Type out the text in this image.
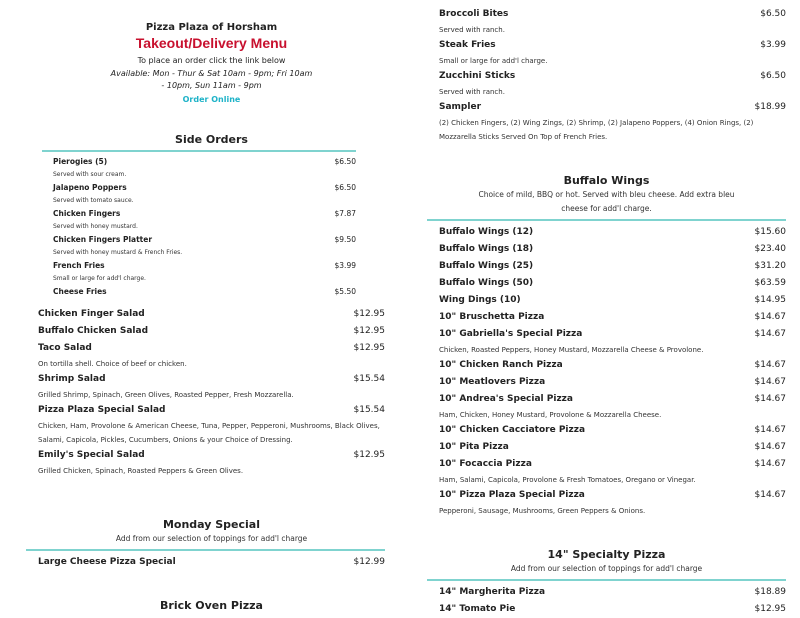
Pizza Plaza of Horsham
Takeout/Delivery Menu
To place an order click the link below
Available: Mon - Thur & Sat 10am - 9pm; Fri 10am - 10pm, Sun 11am - 9pm
Order Online
Side Orders
Pierogies (5)	$6.50
Served with sour cream.
Jalapeno Poppers	$6.50
Served with tomato sauce.
Chicken Fingers	$7.87
Served with honey mustard.
Chicken Fingers Platter	$9.50
Served with honey mustard & French Fries.
French Fries	$3.99
Small or large for add'l charge.
Cheese Fries	$5.50
Chicken Finger Salad	$12.95
Buffalo Chicken Salad	$12.95
Taco Salad	$12.95
On tortilla shell. Choice of beef or chicken.
Shrimp Salad	$15.54
Grilled Shrimp, Spinach, Green Olives, Roasted Pepper, Fresh Mozzarella.
Pizza Plaza Special Salad	$15.54
Chicken, Ham, Provolone & American Cheese, Tuna, Pepper, Pepperoni, Mushrooms, Black Olives, Salami, Capicola, Pickles, Cucumbers, Onions & your Choice of Dressing.
Emily's Special Salad	$12.95
Grilled Chicken, Spinach, Roasted Peppers & Green Olives.
Monday Special
Add from our selection of toppings for add'l charge
Large Cheese Pizza Special	$12.99
Brick Oven Pizza
Broccoli Bites	$6.50
Served with ranch.
Steak Fries	$3.99
Small or large for add'l charge.
Zucchini Sticks	$6.50
Served with ranch.
Sampler	$18.99
(2) Chicken Fingers, (2) Wing Zings, (2) Shrimp, (2) Jalapeno Poppers, (4) Onion Rings, (2) Mozzarella Sticks Served On Top of French Fries.
Buffalo Wings
Choice of mild, BBQ or hot. Served with bleu cheese. Add extra bleu cheese for add'l charge.
Buffalo Wings (12)	$15.60
Buffalo Wings (18)	$23.40
Buffalo Wings (25)	$31.20
Buffalo Wings (50)	$63.59
Wing Dings (10)	$14.95
10" Bruschetta Pizza	$14.67
10" Gabriella's Special Pizza	$14.67
Chicken, Roasted Peppers, Honey Mustard, Mozzarella Cheese & Provolone.
10" Chicken Ranch Pizza	$14.67
10" Meatlovers Pizza	$14.67
10" Andrea's Special Pizza	$14.67
Ham, Chicken, Honey Mustard, Provolone & Mozzarella Cheese.
10" Chicken Cacciatore Pizza	$14.67
10" Pita Pizza	$14.67
10" Focaccia Pizza	$14.67
Ham, Salami, Capicola, Provolone & Fresh Tomatoes, Oregano or Vinegar.
10" Pizza Plaza Special Pizza	$14.67
Pepperoni, Sausage, Mushrooms, Green Peppers & Onions.
14" Specialty Pizza
Add from our selection of toppings for add'l charge
14" Margherita Pizza	$18.89
14" Tomato Pie	$12.95
